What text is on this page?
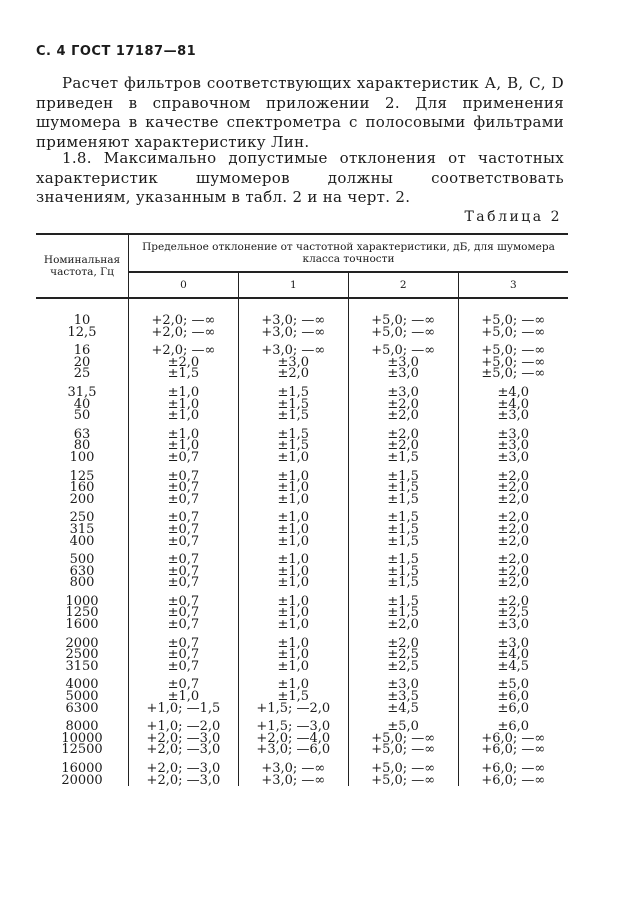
С. 4 ГОСТ 17187—81

Расчет фильтров соответствующих характеристик А, В, С, D приведен в справочном приложении 2. Для применения шумомера в качестве спектрометра с полосовыми фильтрами применяют характеристику Лин.

1.8. Максимально допустимые отклонения от частотных характеристик шумомеров должны соответствовать значениям, указанным в табл. 2 и на черт. 2.

Таблица 2
Номинальная частота, Гц	Предельное отклонение от частотной характеристики, дБ, для шумомера класса точности			
	0	1	2	3
10	+2,0; —∞	+3,0; —∞	+5,0; —∞	+5,0; —∞
12,5	+2,0; —∞	+3,0; —∞	+5,0; —∞	+5,0; —∞
16	+2,0; —∞	+3,0; —∞	+5,0; —∞	+5,0; —∞
20	±2,0	±3,0	±3,0	+5,0; —∞
25	±1,5	±2,0	±3,0	±5,0; —∞
31,5	±1,0	±1,5	±3,0	±4,0
40	±1,0	±1,5	±2,0	±4,0
50	±1,0	±1,5	±2,0	±3,0
63	±1,0	±1,5	±2,0	±3,0
80	±1,0	±1,5	±2,0	±3,0
100	±0,7	±1,0	±1,5	±3,0
125	±0,7	±1,0	±1,5	±2,0
160	±0,7	±1,0	±1,5	±2,0
200	±0,7	±1,0	±1,5	±2,0
250	±0,7	±1,0	±1,5	±2,0
315	±0,7	±1,0	±1,5	±2,0
400	±0,7	±1,0	±1,5	±2,0
500	±0,7	±1,0	±1,5	±2,0
630	±0,7	±1,0	±1,5	±2,0
800	±0,7	±1,0	±1,5	±2,0
1000	±0,7	±1,0	±1,5	±2,0
1250	±0,7	±1,0	±1,5	±2,5
1600	±0,7	±1,0	±2,0	±3,0
2000	±0,7	±1,0	±2,0	±3,0
2500	±0,7	±1,0	±2,5	±4,0
3150	±0,7	±1,0	±2,5	±4,5
4000	±0,7	±1,0	±3,0	±5,0
5000	±1,0	±1,5	±3,5	±6,0
6300	+1,0; —1,5	+1,5; —2,0	±4,5	±6,0
8000	+1,0; —2,0	+1,5; —3,0	±5,0	±6,0
10000	+2,0; —3,0	+2,0; —4,0	+5,0; —∞	+6,0; —∞
12500	+2,0; —3,0	+3,0; —6,0	+5,0; —∞	+6,0; —∞
16000	+2,0; —3,0	+3,0; —∞	+5,0; —∞	+6,0; —∞
20000	+2,0; —3,0	+3,0; —∞	+5,0; —∞	+6,0; —∞
